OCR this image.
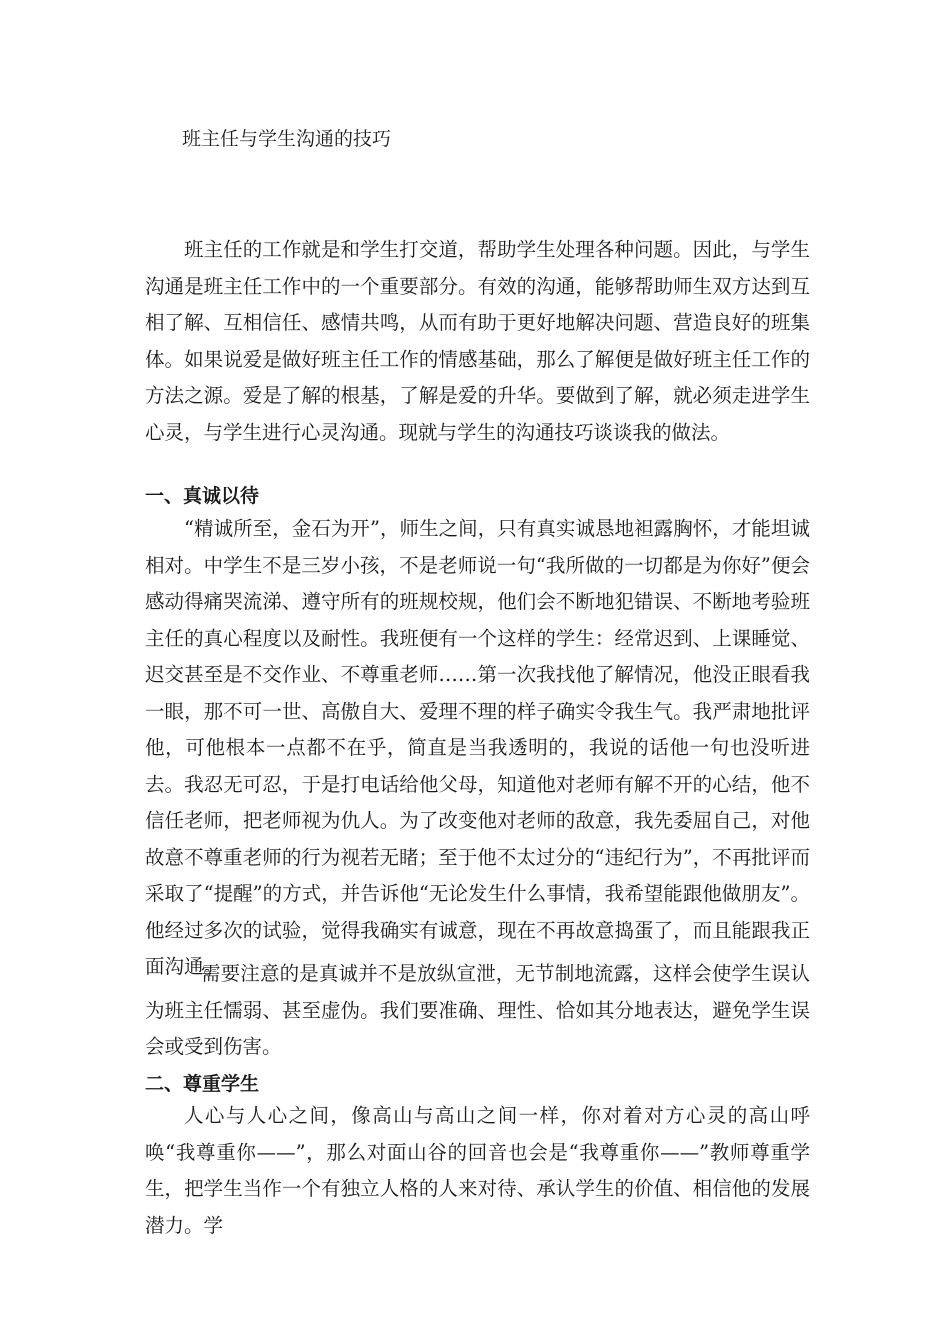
班主任与学生沟通的技巧

班主任的工作就是和学生打交道，帮助学生处理各种问题。因此，与学生沟通是班主任工作中的一个重要部分。有效的沟通，能够帮助师生双方达到互相了解、互相信任、感情共鸣，从而有助于更好地解决问题、营造良好的班集体。如果说爱是做好班主任工作的情感基础，那么了解便是做好班主任工作的方法之源。爱是了解的根基，了解是爱的升华。要做到了解，就必须走进学生心灵，与学生进行心灵沟通。现就与学生的沟通技巧谈谈我的做法。

一、真诚以待

“精诚所至，金石为开”，师生之间，只有真实诚恳地袒露胸怀，才能坦诚相对。中学生不是三岁小孩，不是老师说一句“我所做的一切都是为你好”便会感动得痛哭流涕、遵守所有的班规校规，他们会不断地犯错误、不断地考验班主任的真心程度以及耐性。我班便有一个这样的学生：经常迟到、上课睡觉、迟交甚至是不交作业、不尊重老师……第一次我找他了解情况，他没正眼看我一眼，那不可一世、高傲自大、爱理不理的样子确实令我生气。我严肃地批评他，可他根本一点都不在乎，简直是当我透明的，我说的话他一句也没听进去。我忍无可忍，于是打电话给他父母，知道他对老师有解不开的心结，他不信任老师，把老师视为仇人。为了改变他对老师的敌意，我先委屈自己，对他故意不尊重老师的行为视若无睹；至于他不太过分的“违纪行为”，不再批评而采取了“提醒”的方式，并告诉他“无论发生什么事情，我希望能跟他做朋友”。他经过多次的试验，觉得我确实有诚意，现在不再故意捣蛋了，而且能跟我正面沟通。

需要注意的是真诚并不是放纵宣泄，无节制地流露，这样会使学生误认为班主任懦弱、甚至虚伪。我们要准确、理性、恰如其分地表达，避免学生误会或受到伤害。

二、尊重学生

人心与人心之间，像高山与高山之间一样，你对着对方心灵的高山呼唤“我尊重你——”，那么对面山谷的回音也会是“我尊重你——”教师尊重学生，把学生当作一个有独立人格的人来对待、承认学生的价值、相信他的发展潜力。学
